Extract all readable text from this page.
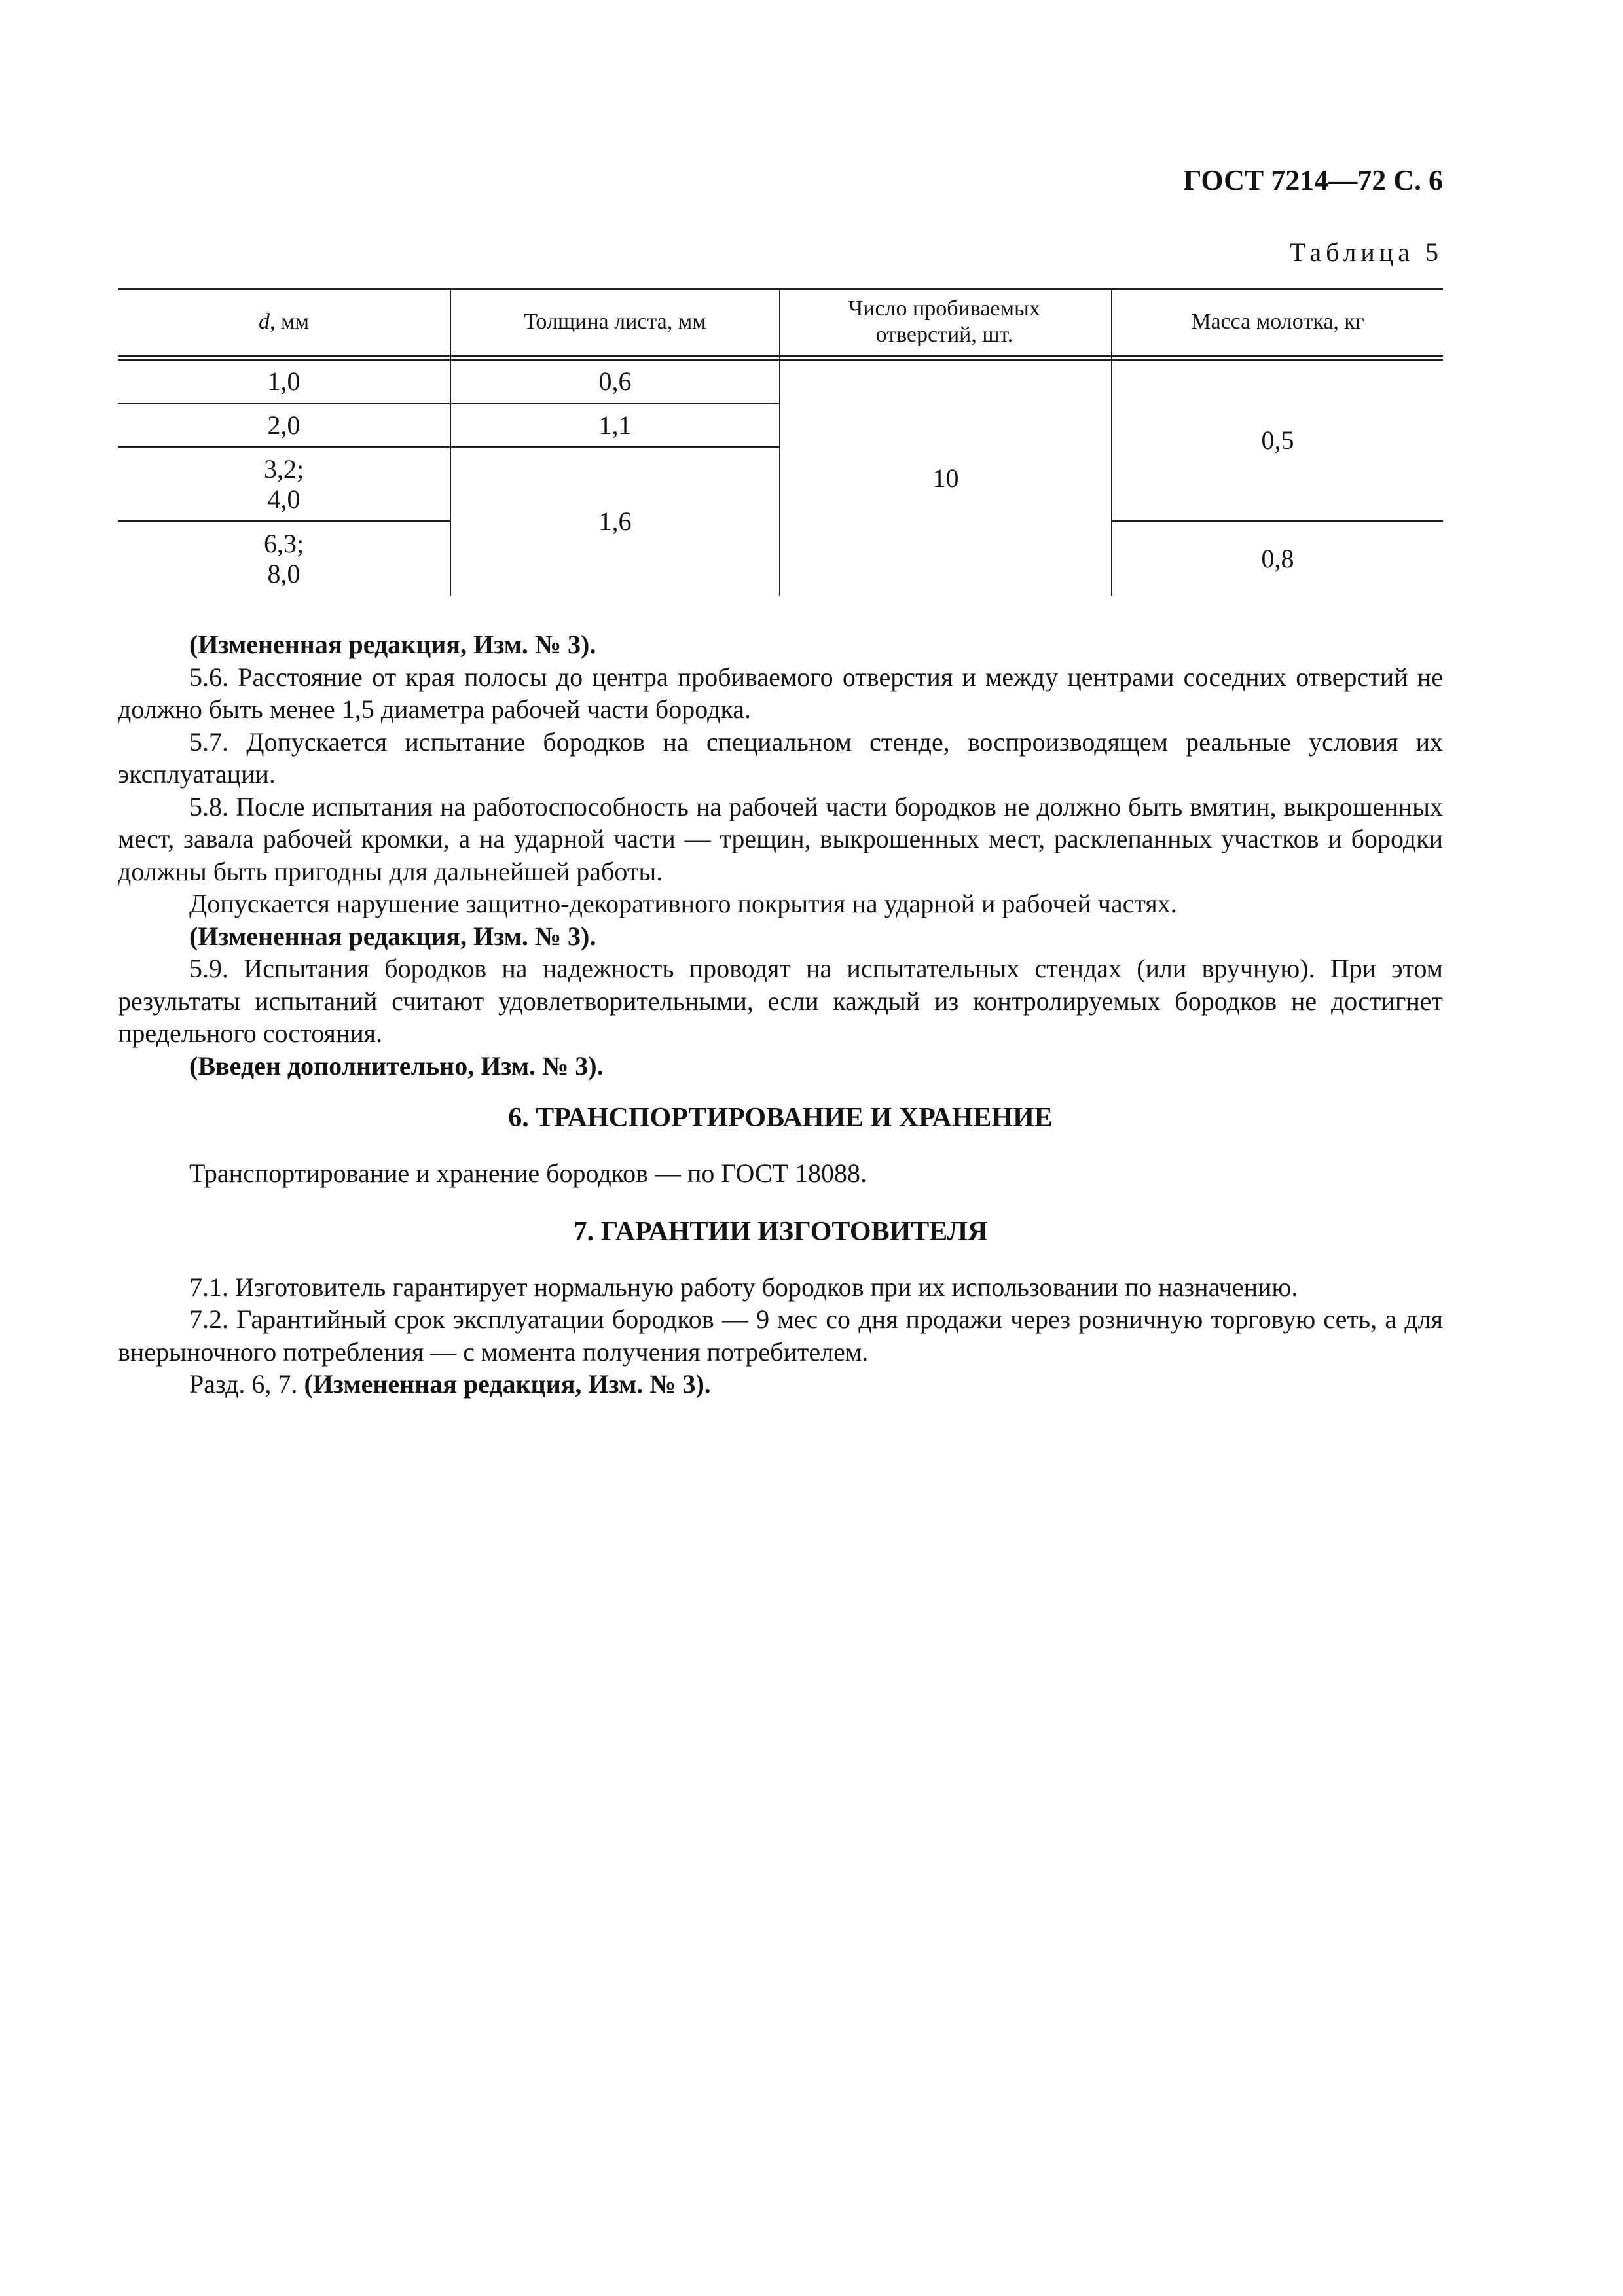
ГОСТ 7214—72 С. 6
Таблица 5
d, мм	Толщина листа, мм
Число пробиваемых отверстий, шт.
Масса молотка, кг
1,0
2,0
3,2; 4,0
6,3; 8,0
0,6
1,1
1,6
10
0,5
0,8

(Измененная редакция, Изм. № 3).

5.6. Расстояние от края полосы до центра пробиваемого отверстия и между центрами соседних отверстий не должно быть менее 1,5 диаметра рабочей части бородка.

5.7. Допускается испытание бородков на специальном стенде, воспроизводящем реальные условия их эксплуатации.

5.8. После испытания на работоспособность на рабочей части бородков не должно быть вмятин, выкрошенных мест, завала рабочей кромки, а на ударной части — трещин, выкрошенных мест, расклепанных участков и бородки должны быть пригодны для дальнейшей работы.

Допускается нарушение защитно-декоративного покрытия на ударной и рабочей частях.

(Измененная редакция, Изм. № 3).

5.9. Испытания бородков на надежность проводят на испытательных стендах (или вручную). При этом результаты испытаний считают удовлетворительными, если каждый из контролируемых бородков не достигнет предельного состояния.

(Введен дополнительно, Изм. № 3).

6. ТРАНСПОРТИРОВАНИЕ И ХРАНЕНИЕ

Транспортирование и хранение бородков — по ГОСТ 18088.

7. ГАРАНТИИ ИЗГОТОВИТЕЛЯ

7.1. Изготовитель гарантирует нормальную работу бородков при их использовании по назначению.

7.2. Гарантийный срок эксплуатации бородков — 9 мес со дня продажи через розничную торговую сеть, а для внерыночного потребления — с момента получения потребителем.

Разд. 6, 7. (Измененная редакция, Изм. № 3).
